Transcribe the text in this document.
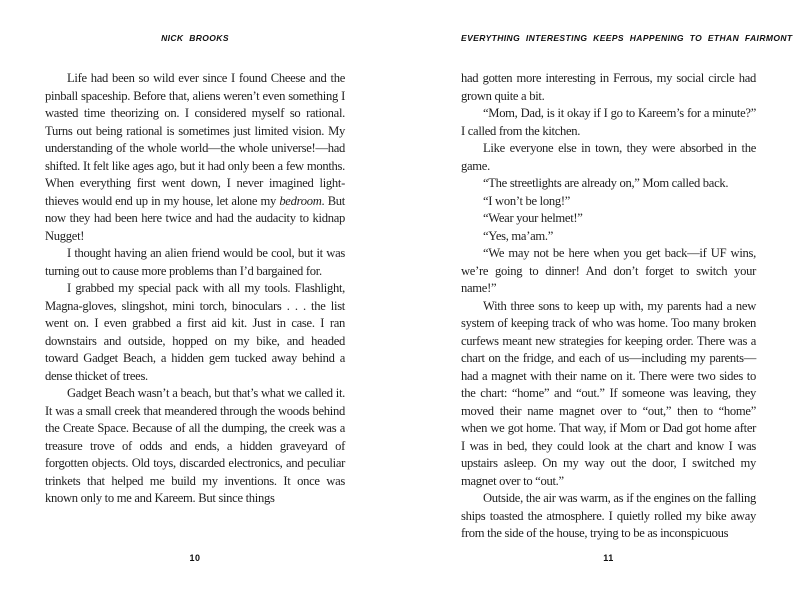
NICK BROOKS

Life had been so wild ever since I found Cheese and the pinball spaceship. Before that, aliens weren’t even something I wasted time theorizing on. I considered myself so rational. Turns out being rational is sometimes just limited vision. My understanding of the whole world—the whole universe!—had shifted. It felt like ages ago, but it had only been a few months. When everything first went down, I never imagined light-thieves would end up in my house, let alone my bedroom. But now they had been here twice and had the audacity to kidnap Nugget!

I thought having an alien friend would be cool, but it was turning out to cause more problems than I’d bargained for.

I grabbed my special pack with all my tools. Flashlight, Magna-gloves, slingshot, mini torch, binoculars . . . the list went on. I even grabbed a first aid kit. Just in case. I ran downstairs and outside, hopped on my bike, and headed toward Gadget Beach, a hidden gem tucked away behind a dense thicket of trees.

Gadget Beach wasn’t a beach, but that’s what we called it. It was a small creek that meandered through the woods behind the Create Space. Because of all the dumping, the creek was a treasure trove of odds and ends, a hidden graveyard of forgotten objects. Old toys, discarded electronics, and peculiar trinkets that helped me build my inventions. It once was known only to me and Kareem. But since things

10
EVERYTHING INTERESTING KEEPS HAPPENING TO ETHAN FAIRMONT

had gotten more interesting in Ferrous, my social circle had grown quite a bit.

“Mom, Dad, is it okay if I go to Kareem’s for a minute?” I called from the kitchen.

Like everyone else in town, they were absorbed in the game.

“The streetlights are already on,” Mom called back.

“I won’t be long!”

“Wear your helmet!”

“Yes, ma’am.”

“We may not be here when you get back—if UF wins, we’re going to dinner! And don’t forget to switch your name!”

With three sons to keep up with, my parents had a new system of keeping track of who was home. Too many broken curfews meant new strategies for keeping order. There was a chart on the fridge, and each of us—including my parents—had a magnet with their name on it. There were two sides to the chart: “home” and “out.” If someone was leaving, they moved their name magnet over to “out,” then to “home” when we got home. That way, if Mom or Dad got home after I was in bed, they could look at the chart and know I was upstairs asleep. On my way out the door, I switched my magnet over to “out.”

Outside, the air was warm, as if the engines on the falling ships toasted the atmosphere. I quietly rolled my bike away from the side of the house, trying to be as inconspicuous

11
